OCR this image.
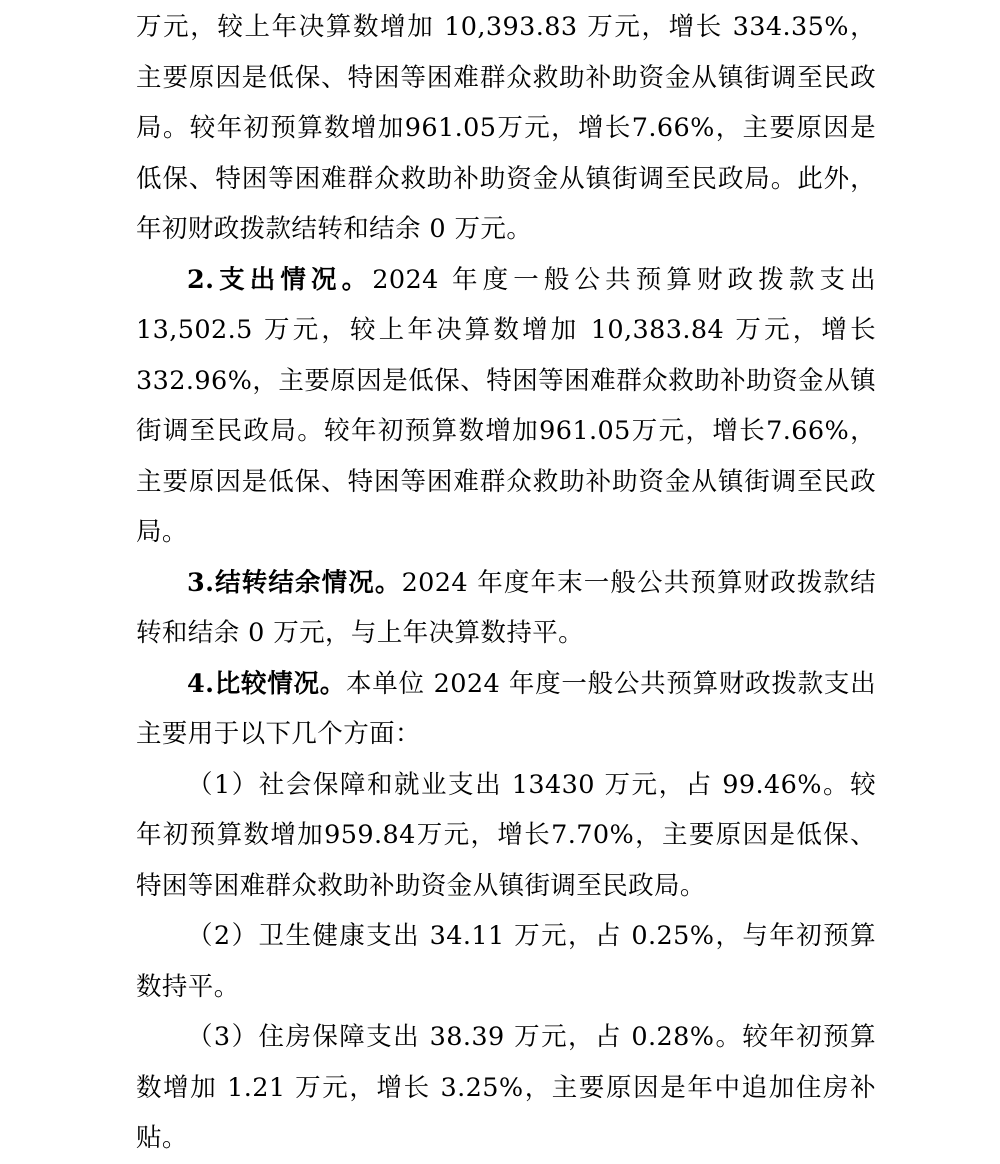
万元，较上年决算数增加 10,393.83 万元，增长 334.35%，主要原因是低保、特困等困难群众救助补助资金从镇街调至民政局。较年初预算数增加961.05万元，增长7.66%，主要原因是低保、特困等困难群众救助补助资金从镇街调至民政局。此外，年初财政拨款结转和结余 0 万元。

2.支出情况。2024 年度一般公共预算财政拨款支出 13,502.5 万元，较上年决算数增加 10,383.84 万元，增长 332.96%，主要原因是低保、特困等困难群众救助补助资金从镇街调至民政局。较年初预算数增加961.05万元，增长7.66%，主要原因是低保、特困等困难群众救助补助资金从镇街调至民政局。

3.结转结余情况。2024 年度年末一般公共预算财政拨款结转和结余 0 万元，与上年决算数持平。

4.比较情况。本单位 2024 年度一般公共预算财政拨款支出主要用于以下几个方面：

（1）社会保障和就业支出 13430 万元，占 99.46%。较年初预算数增加959.84万元，增长7.70%，主要原因是低保、特困等困难群众救助补助资金从镇街调至民政局。

（2）卫生健康支出 34.11 万元，占 0.25%，与年初预算数持平。

（3）住房保障支出 38.39 万元，占 0.28%。较年初预算数增加 1.21 万元，增长 3.25%，主要原因是年中追加住房补贴。
